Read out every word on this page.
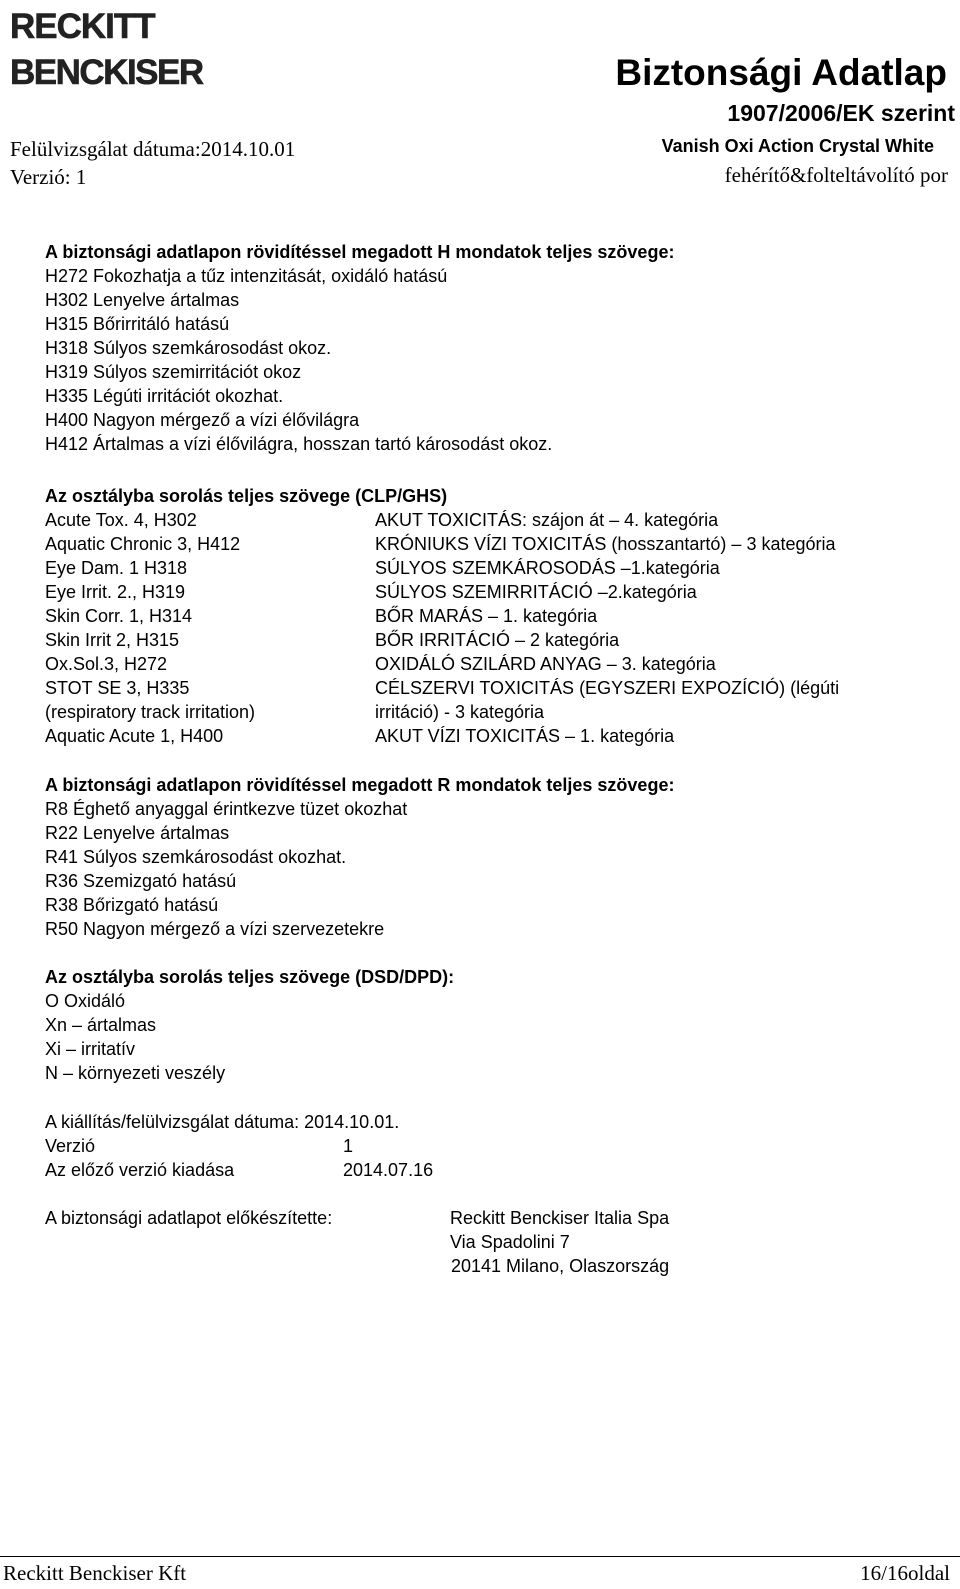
RECKITT
BENCKISER	Biztonsági Adatlap
1907/2006/EK szerint
Felülvizsgálat dátuma:2014.10.01	Vanish Oxi Action Crystal White
Verzió: 1	fehérítő&folteltávolító por
A biztonsági adatlapon rövidítéssel megadott H mondatok teljes szövege:
H272 Fokozhatja a tűz intenzitását, oxidáló hatású
H302 Lenyelve ártalmas
H315 Bőrirritáló hatású
H318 Súlyos szemkárosodást okoz.
H319 Súlyos szemirritációt okoz
H335 Légúti irritációt okozhat.
H400 Nagyon mérgező a vízi élővilágra
H412 Ártalmas a vízi élővilágra, hosszan tartó károsodást okoz.
Az osztályba sorolás teljes szövege (CLP/GHS)
Acute Tox. 4, H302	AKUT TOXICITÁS: szájon át – 4. kategória
Aquatic Chronic 3, H412	KRÓNIUKS VÍZI TOXICITÁS (hosszantartó) – 3 kategória
Eye Dam. 1 H318	SÚLYOS SZEMKÁROSODÁS –1.kategória
Eye Irrit. 2., H319	SÚLYOS SZEMIRRITÁCIÓ –2.kategória
Skin Corr. 1, H314	BŐR MARÁS – 1. kategória
Skin Irrit 2, H315	BŐR IRRITÁCIÓ – 2 kategória
Ox.Sol.3, H272	OXIDÁLÓ SZILÁRD ANYAG – 3. kategória
STOT SE 3, H335	CÉLSZERVI TOXICITÁS (EGYSZERI EXPOZÍCIÓ) (légúti
(respiratory track irritation)	irritáció) - 3 kategória
Aquatic Acute 1, H400	AKUT VÍZI TOXICITÁS – 1. kategória
A biztonsági adatlapon rövidítéssel megadott R mondatok teljes szövege:
R8 Éghető anyaggal érintkezve tüzet okozhat
R22 Lenyelve ártalmas
R41 Súlyos szemkárosodást okozhat.
R36 Szemizgató hatású
R38 Bőrizgató hatású
R50 Nagyon mérgező a vízi szervezetekre
Az osztályba sorolás teljes szövege (DSD/DPD):
O Oxidáló
Xn – ártalmas
Xi – irritatív
N – környezeti veszély
A kiállítás/felülvizsgálat dátuma: 2014.10.01.
Verzió	1
Az előző verzió kiadása	2014.07.16
A biztonsági adatlapot előkészítette:	Reckitt Benckiser Italia Spa
Via Spadolini 7
20141 Milano, Olaszország
Reckitt Benckiser Kft	16/16oldal
